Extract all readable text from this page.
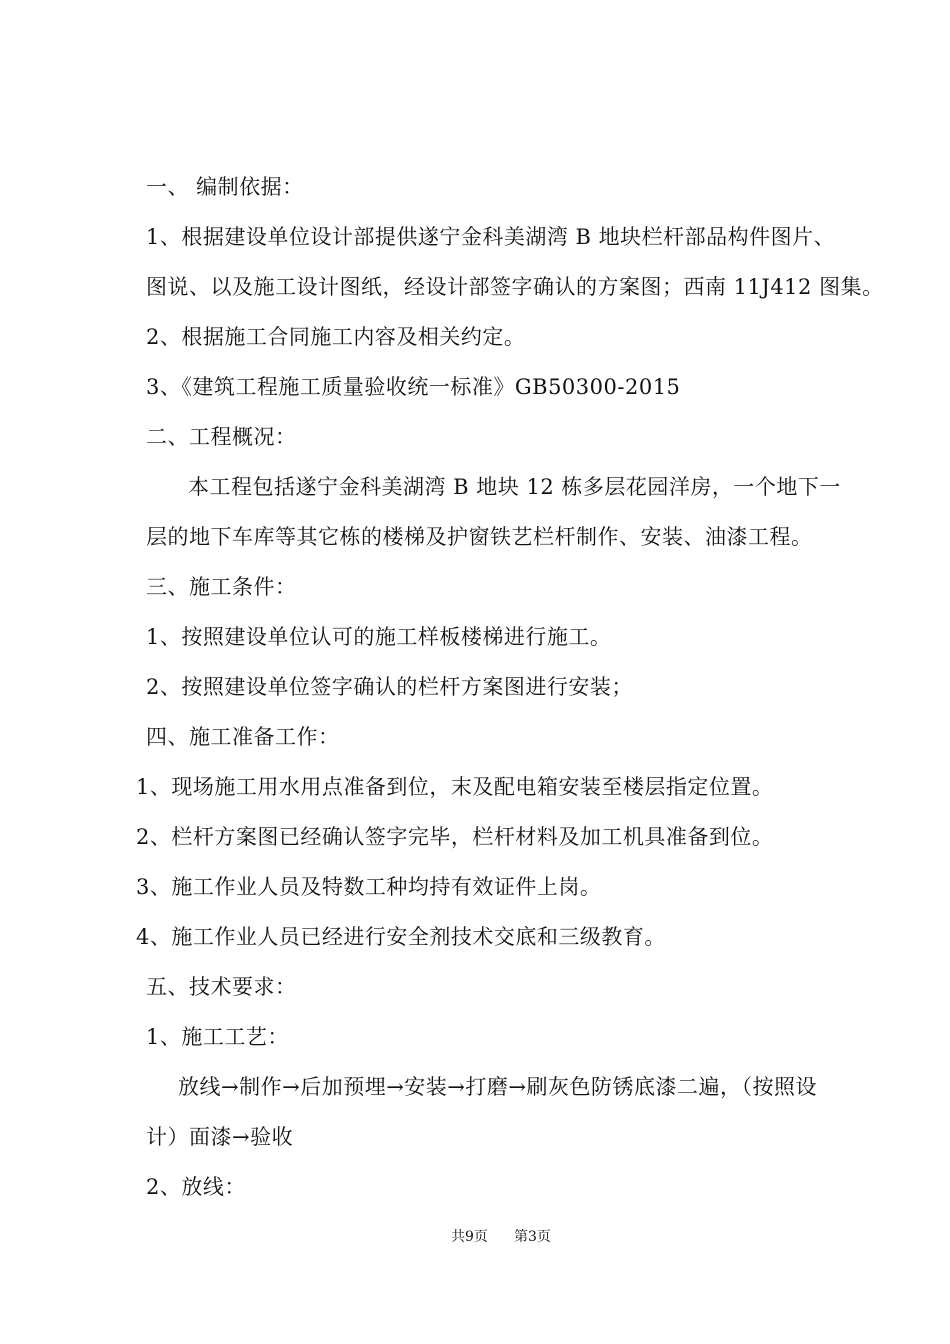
一、 编制依据：
1、根据建设单位设计部提供遂宁金科美湖湾 B 地块栏杆部品构件图片、
图说、以及施工设计图纸，经设计部签字确认的方案图；西南 11J412 图集。
2、根据施工合同施工内容及相关约定。
3、《建筑工程施工质量验收统一标准》GB50300-2015
二、工程概况：
本工程包括遂宁金科美湖湾 B 地块 12 栋多层花园洋房，一个地下一
层的地下车库等其它栋的楼梯及护窗铁艺栏杆制作、安装、油漆工程。
三、施工条件：
1、按照建设单位认可的施工样板楼梯进行施工。
2、按照建设单位签字确认的栏杆方案图进行安装；
四、施工准备工作：
1、现场施工用水用点准备到位，末及配电箱安装至楼层指定位置。
2、栏杆方案图已经确认签字完毕，栏杆材料及加工机具准备到位。
3、施工作业人员及特数工种均持有效证件上岗。
4、施工作业人员已经进行安全剂技术交底和三级教育。
五、技术要求：
1、施工工艺：
放线→制作→后加预埋→安装→打磨→刷灰色防锈底漆二遍，（按照设
计）面漆→验收
2、放线：
共9页 第3页
